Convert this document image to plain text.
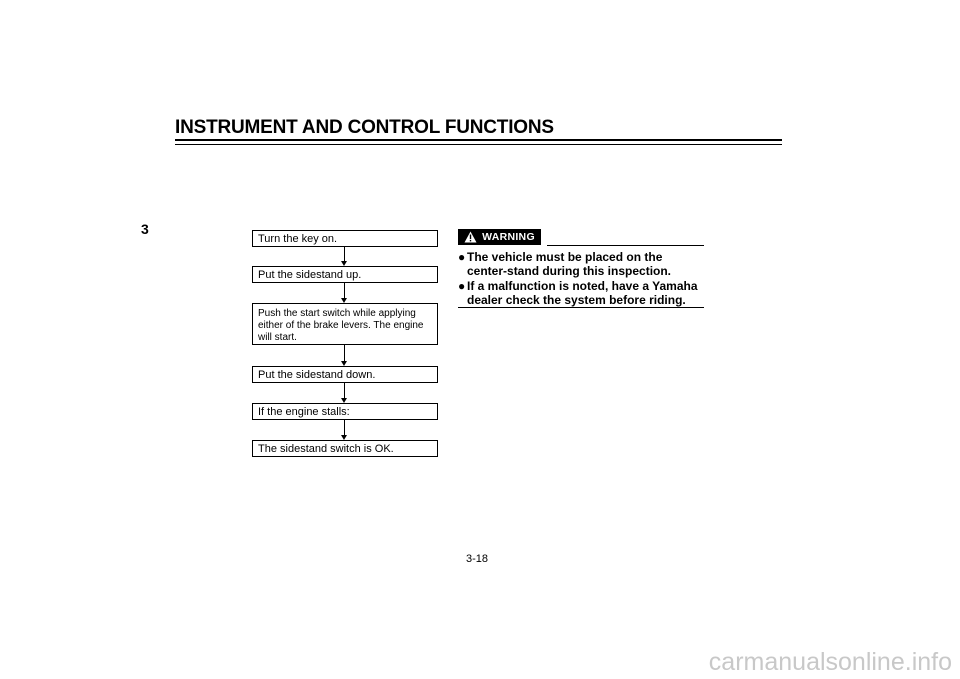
INSTRUMENT AND CONTROL FUNCTIONS
3
Turn the key on.
Put the sidestand up.
Push the start switch while applying either of the brake levers. The engine will start.
Put the sidestand down.
If the engine stalls:
The sidestand switch is OK.
WARNING
● The vehicle must be placed on the center-stand during this inspection.
● If a malfunction is noted, have a Yamaha dealer check the system before riding.
3-18
carmanualsonline.info
